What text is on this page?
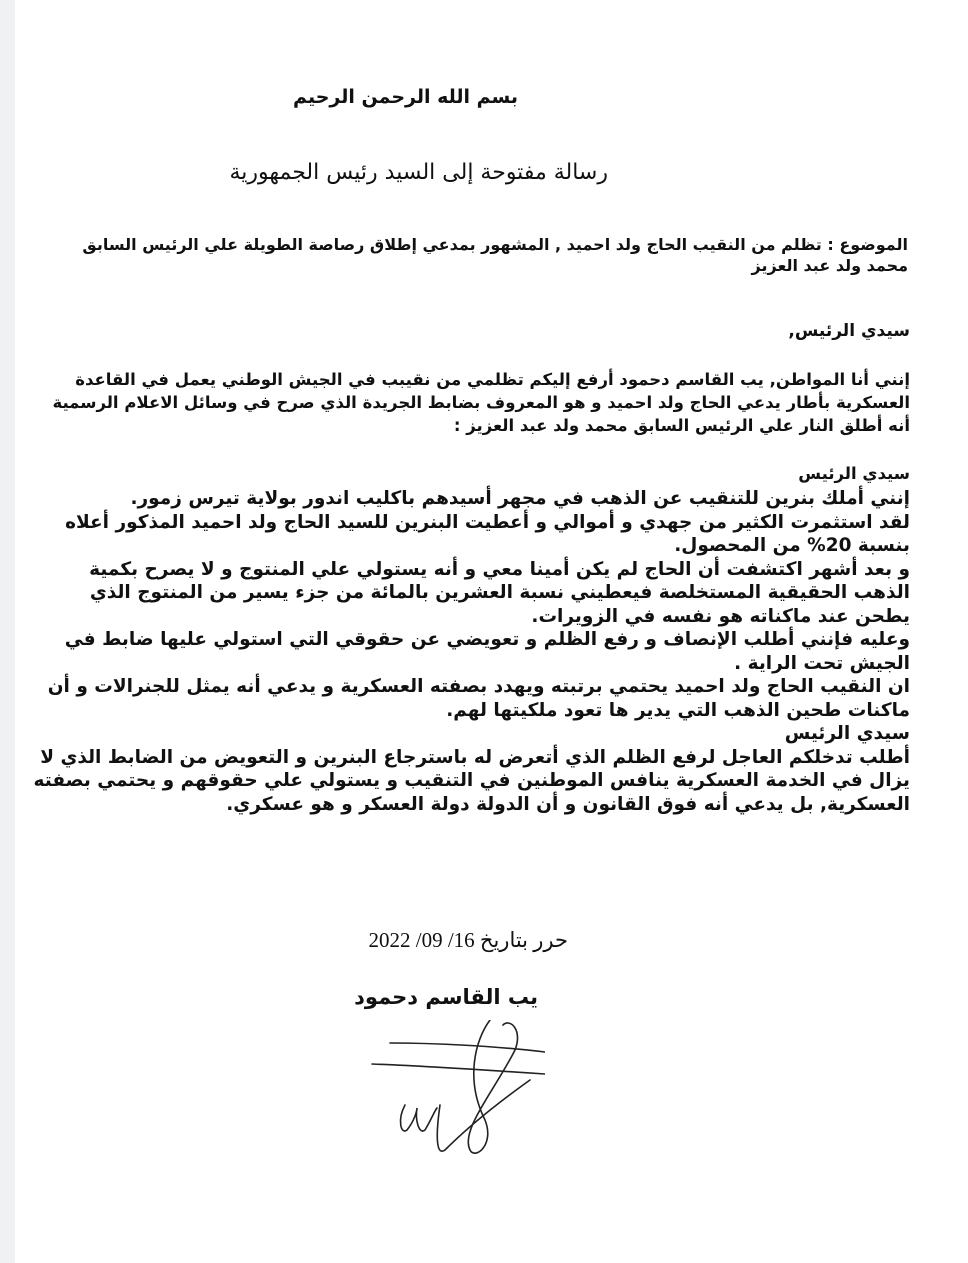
بسم الله الرحمن الرحيم
رسالة مفتوحة إلى السيد رئيس الجمهورية
الموضوع : تظلم من النقيب الحاج ولد احميد , المشهور بمدعي إطلاق رصاصة الطويلة علي الرئيس السابق محمد ولد عبد العزيز
سيدي الرئيس,
إنني أنا المواطن, يب القاسم دحمود أرفع إليكم تظلمي من نقيبب في الجيش الوطني يعمل في القاعدة العسكرية بأطار يدعي الحاج ولد احميد و هو المعروف بضابط الجريدة الذي صرح في وسائل الاعلام الرسمية أنه أطلق النار علي الرئيس السابق محمد ولد عبد العزيز :

سيدي الرئيس

إنني أملك بنرين للتنقيب عن الذهب في مجهر أسيدهم باكليب اندور بولاية تيرس زمور.

لقد استثمرت الكثير من جهدي و أموالي و أعطيت البنرين للسيد الحاج ولد احميد المذكور أعلاه بنسبة 20% من المحصول.

و بعد أشهر اكتشفت أن الحاج لم يكن أمينا معي و أنه يستولي علي المنتوج و لا يصرح بكمية الذهب الحقيقية المستخلصة فيعطيني نسبة العشرين بالمائة من جزء يسير من المنتوج الذي يطحن عند ماكناته هو نفسه في الزويرات.

وعليه فإنني أطلب الإنصاف و رفع الظلم و تعويضي عن حقوقي التي استولي عليها ضابط في الجيش تحت الراية .

ان النقيب الحاج ولد احميد يحتمي برتبته ويهدد بصفته العسكرية و يدعي أنه يمثل للجنرالات و أن ماكنات طحين الذهب التي يدير ها تعود ملكيتها لهم.

سيدي الرئيس

أطلب تدخلكم العاجل لرفع الظلم الذي أتعرض له باسترجاع البنرين و التعويض من الضابط الذي لا يزال في الخدمة العسكرية ينافس الموطنين في التنقيب و يستولي علي حقوقهم و يحتمي بصفته العسكرية, بل يدعي أنه فوق القانون و أن الدولة دولة العسكر و هو عسكري.

حرر بتاريخ 16/ 09/ 2022
يب القاسم دحمود
